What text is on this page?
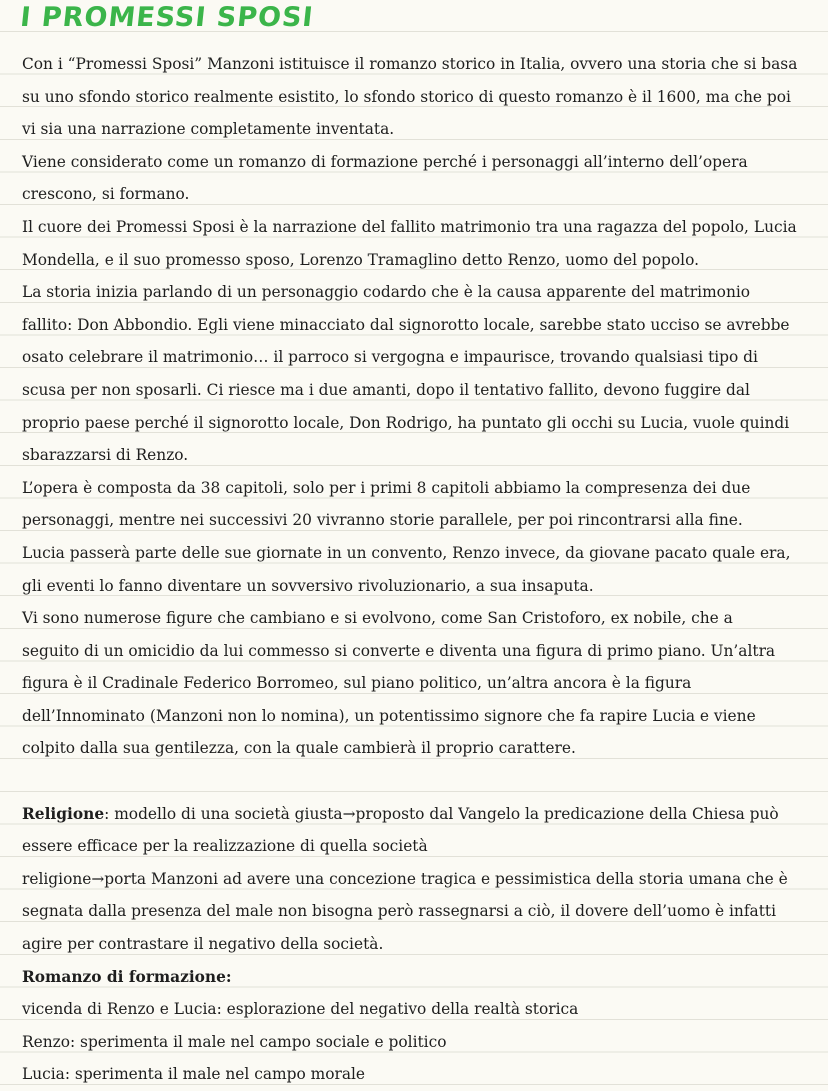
I PROMESSI SPOSI

Con i “Promessi Sposi” Manzoni istituisce il romanzo storico in Italia, ovvero una storia che si basa

su uno sfondo storico realmente esistito, lo sfondo storico di questo romanzo è il 1600, ma che poi

vi sia una narrazione completamente inventata.

Viene considerato come un romanzo di formazione perché i personaggi all’interno dell’opera

crescono, si formano.

Il cuore dei Promessi Sposi è la narrazione del fallito matrimonio tra una ragazza del popolo, Lucia

Mondella, e il suo promesso sposo, Lorenzo Tramaglino detto Renzo, uomo del popolo.

La storia inizia parlando di un personaggio codardo che è la causa apparente del matrimonio

fallito: Don Abbondio. Egli viene minacciato dal signorotto locale, sarebbe stato ucciso se avrebbe

osato celebrare il matrimonio… il parroco si vergogna e impaurisce, trovando qualsiasi tipo di

scusa per non sposarli. Ci riesce ma i due amanti, dopo il tentativo fallito, devono fuggire dal

proprio paese perché il signorotto locale, Don Rodrigo, ha puntato gli occhi su Lucia, vuole quindi

sbarazzarsi di Renzo.

L’opera è composta da 38 capitoli, solo per i primi 8 capitoli abbiamo la compresenza dei due

personaggi, mentre nei successivi 20 vivranno storie parallele, per poi rincontrarsi alla fine.

Lucia passerà parte delle sue giornate in un convento, Renzo invece, da giovane pacato quale era,

gli eventi lo fanno diventare un sovversivo rivoluzionario, a sua insaputa.

Vi sono numerose figure che cambiano e si evolvono, come San Cristoforo, ex nobile, che a

seguito di un omicidio da lui commesso si converte e diventa una figura di primo piano. Un’altra

figura è il Cradinale Federico Borromeo, sul piano politico, un’altra ancora è la figura

dell’Innominato (Manzoni non lo nomina), un potentissimo signore che fa rapire Lucia e viene

colpito dalla sua gentilezza, con la quale cambierà il proprio carattere.

Religione: modello di una società giusta→proposto dal Vangelo la predicazione della Chiesa può

essere efficace per la realizzazione di quella società

religione→porta Manzoni ad avere una concezione tragica e pessimistica della storia umana che è

segnata dalla presenza del male non bisogna però rassegnarsi a ciò, il dovere dell’uomo è infatti

agire per contrastare il negativo della società.

Romanzo di formazione:

vicenda di Renzo e Lucia: esplorazione del negativo della realtà storica

Renzo: sperimenta il male nel campo sociale e politico

Lucia: sperimenta il male nel campo morale
